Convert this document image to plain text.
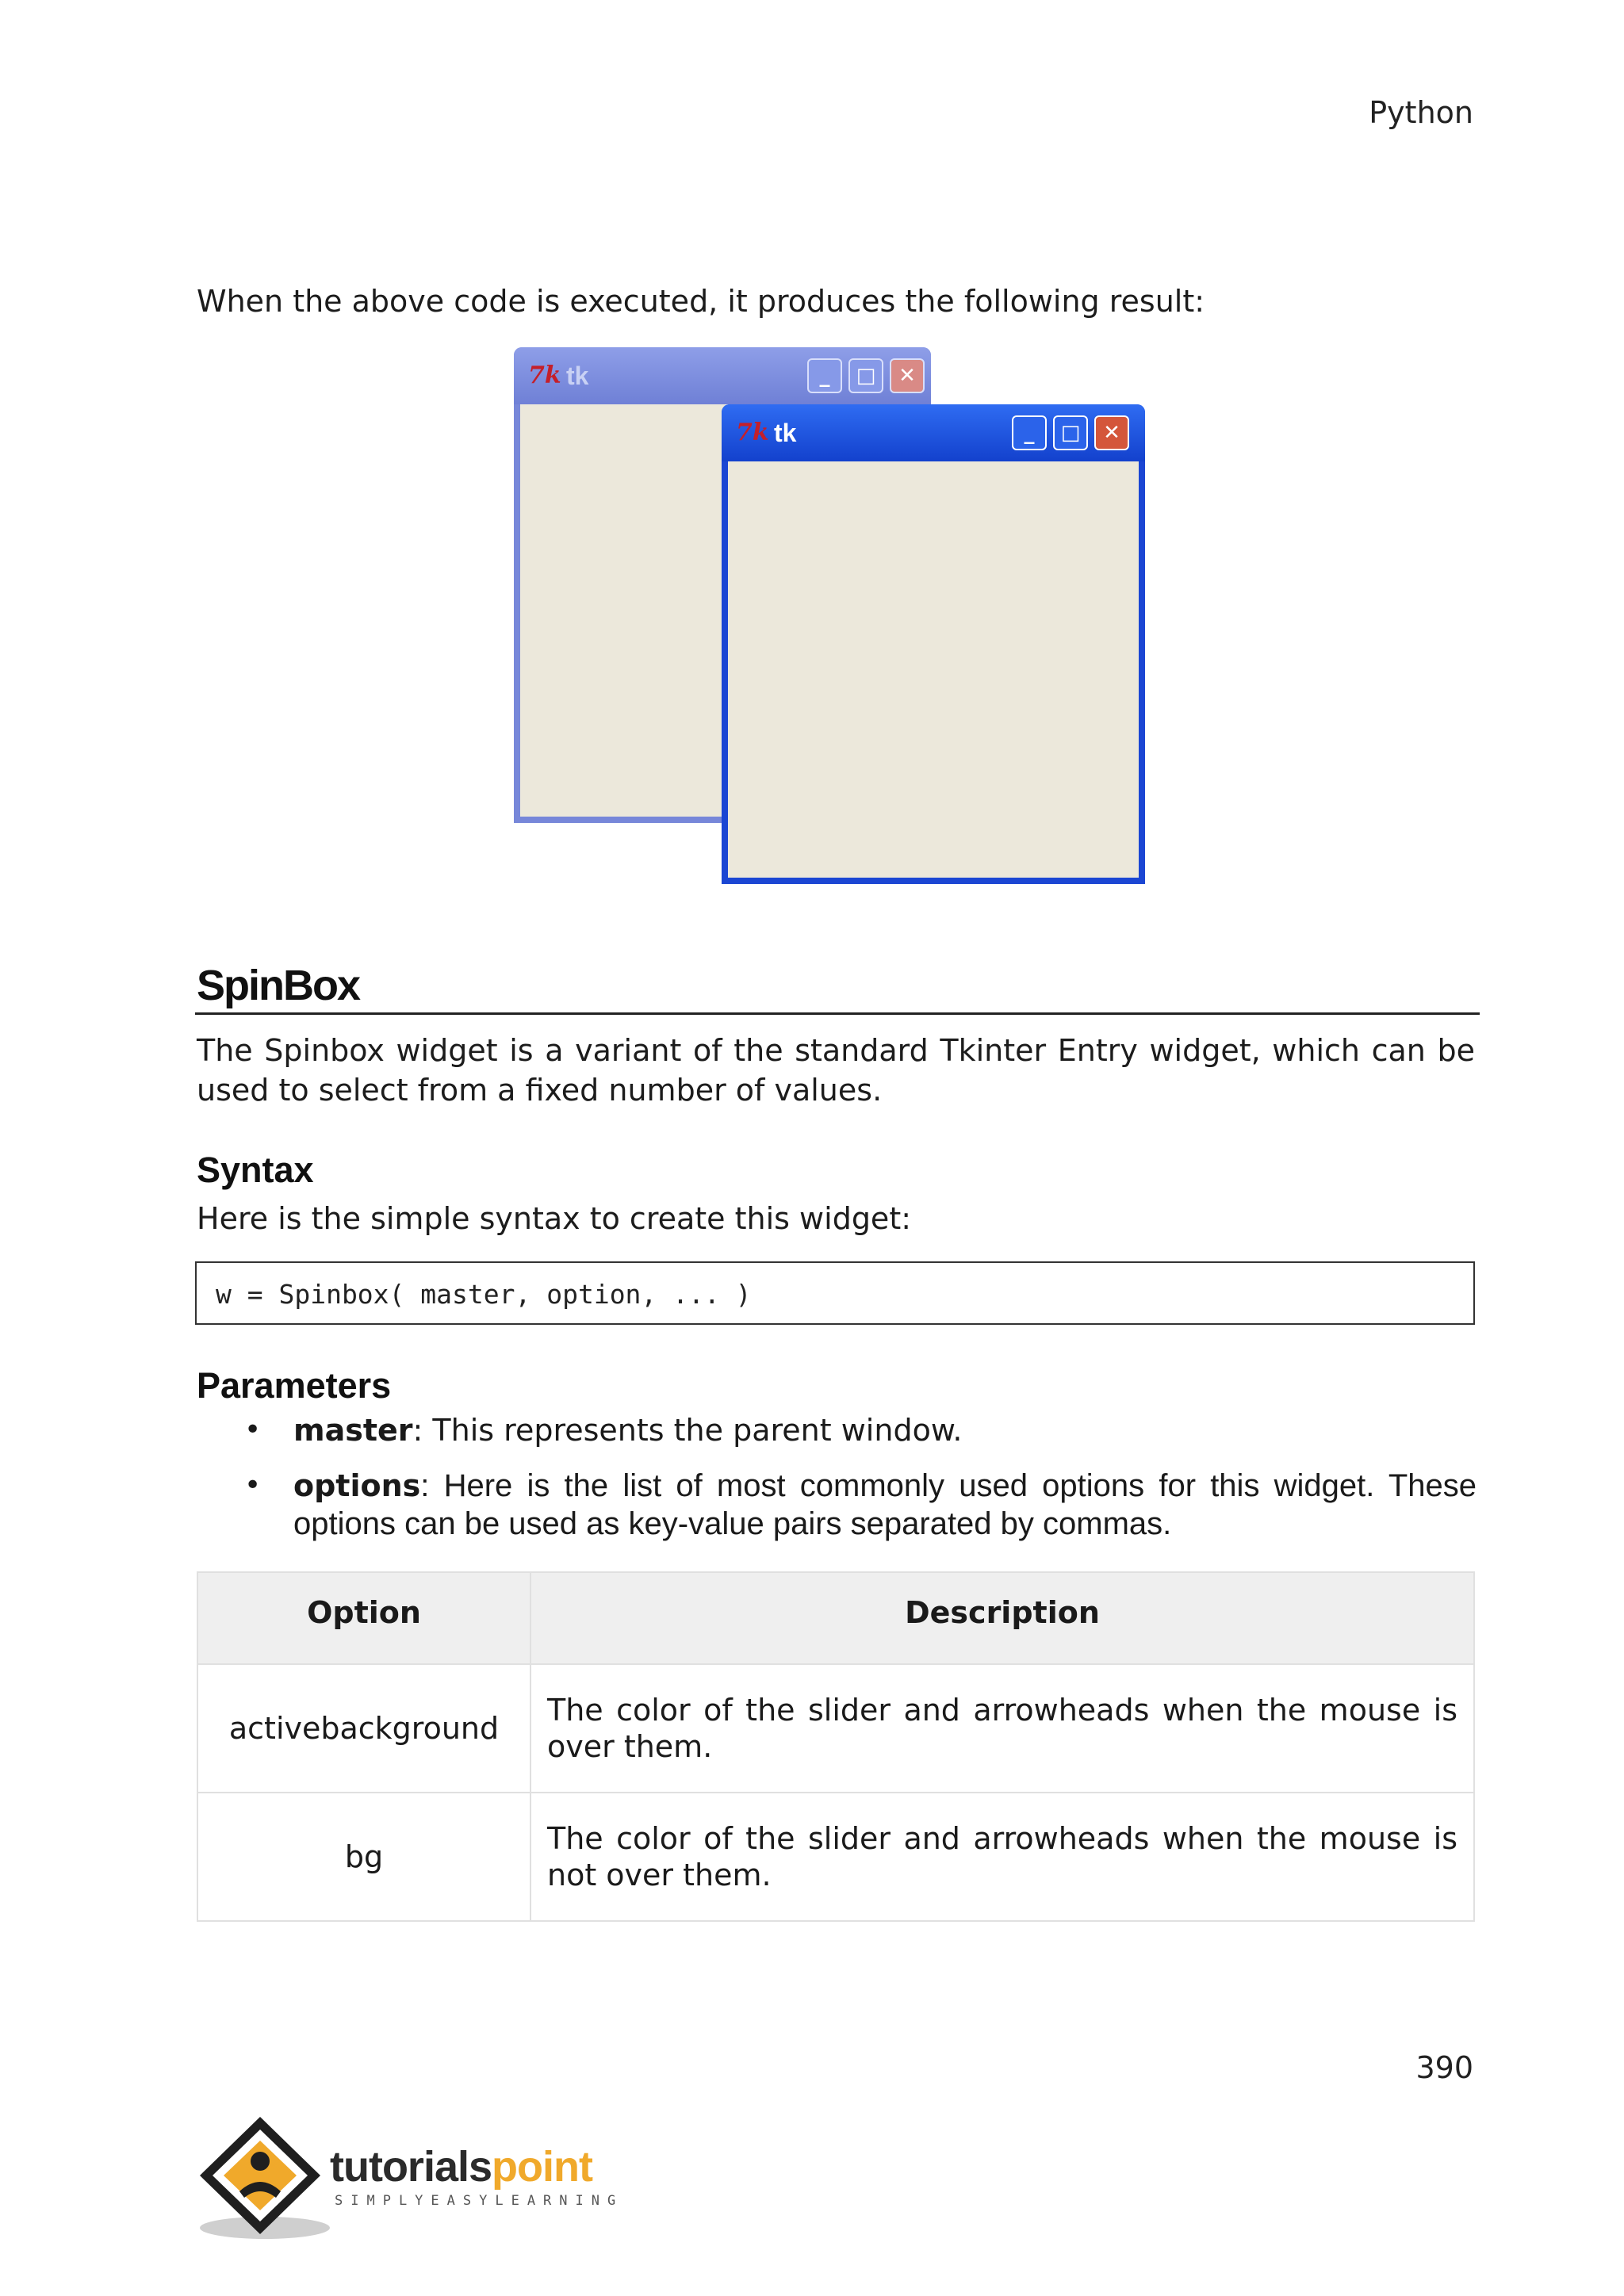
Python
When the above code is executed, it produces the following result:
7k tk	_	□	✕
7k tk	_	□	✕
SpinBox
The Spinbox widget is a variant of the standard Tkinter Entry widget, which can be used to select from a fixed number of values.
Syntax
Here is the simple syntax to create this widget:
w = Spinbox( master, option, ... )
Parameters
• master: This represents the parent window.
• options: Here is the list of most commonly used options for this widget. These options can be used as key-value pairs separated by commas.
Option	Description
activebackground	The color of the slider and arrowheads when the mouse is over them.
bg	The color of the slider and arrowheads when the mouse is not over them.
390
tutorialspoint
SIMPLYEASYLEARNING
